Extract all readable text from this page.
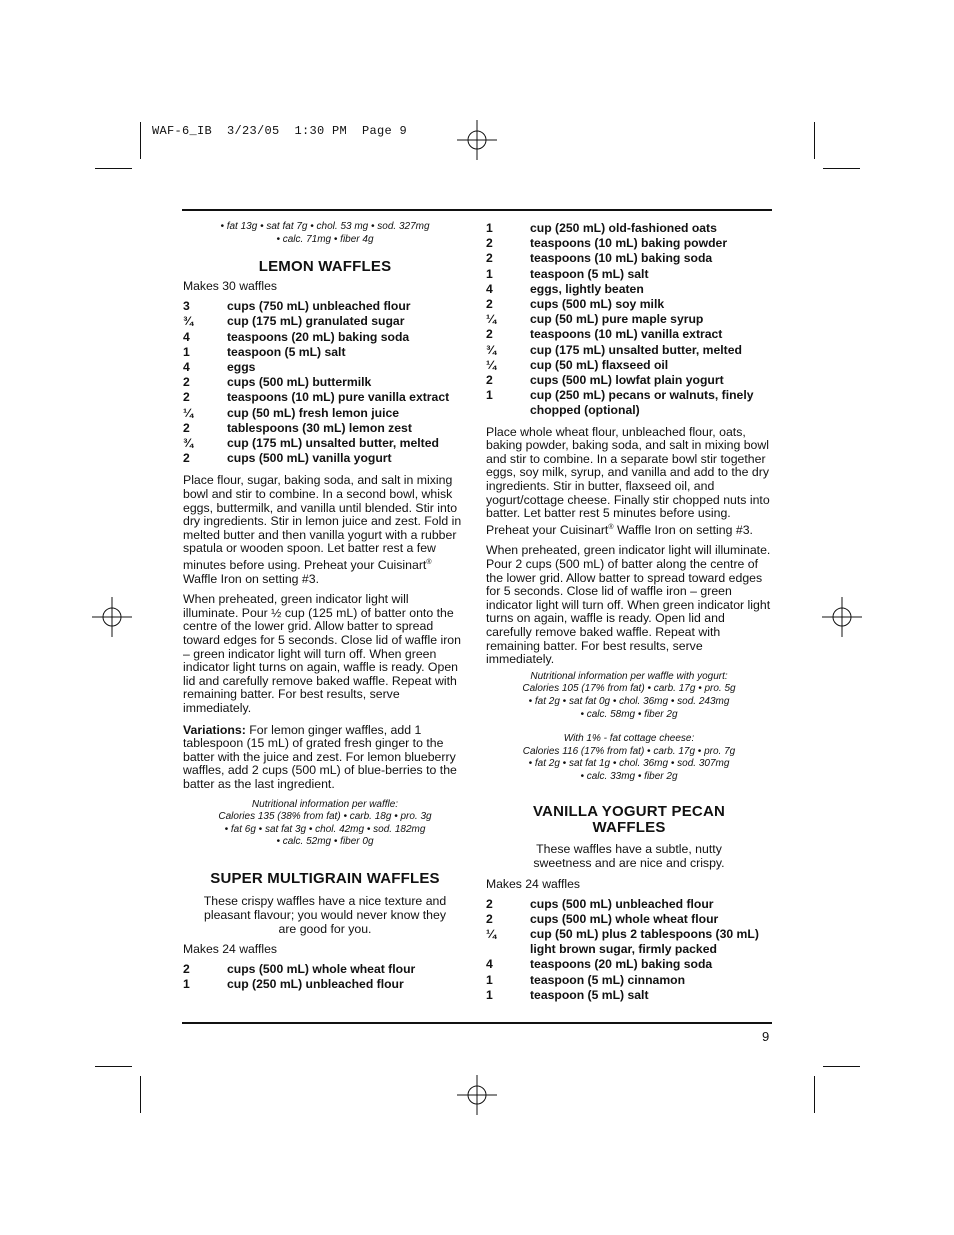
WAF-6_IB  3/23/05  1:30 PM  Page 9
• fat 13g • sat fat 7g • chol. 53 mg • sod. 327mg
• calc. 71mg • fiber 4g
LEMON WAFFLES

Makes 30 waffles

3	cups (750 mL) unbleached flour
¾	cup (175 mL) granulated sugar
4	teaspoons (20 mL) baking soda
1	teaspoon (5 mL) salt
4	eggs
2	cups (500 mL) buttermilk
2	teaspoons (10 mL) pure vanilla extract
¼	cup (50 mL) fresh lemon juice
2	tablespoons (30 mL) lemon zest
¾	cup (175 mL) unsalted butter, melted
2	cups (500 mL) vanilla yogurt

Place flour, sugar, baking soda, and salt in mixing bowl and stir to combine. In a second bowl, whisk eggs, buttermilk, and vanilla until blended. Stir into dry ingredients. Stir in lemon juice and zest. Fold in melted butter and then vanilla yogurt with a rubber spatula or wooden spoon. Let batter rest a few minutes before using. Preheat your Cuisinart® Waffle Iron on setting #3.

When preheated, green indicator light will illuminate. Pour ½ cup (125 mL) of batter onto the centre of the lower grid. Allow batter to spread toward edges for 5 seconds. Close lid of waffle iron – green indicator light will turn off. When green indicator light turns on again, waffle is ready. Open lid and carefully remove baked waffle. Repeat with remaining batter. For best results, serve immediately.

Variations: For lemon ginger waffles, add 1 tablespoon (15 mL) of grated fresh ginger to the batter with the juice and zest. For lemon blueberry waffles, add 2 cups (500 mL) of blue-berries to the batter as the last ingredient.

Nutritional information per waffle:
Calories 135 (38% from fat) • carb. 18g • pro. 3g
• fat 6g • sat fat 3g • chol. 42mg • sod. 182mg
• calc. 52mg • fiber 0g
SUPER MULTIGRAIN WAFFLES

These crispy waffles have a nice texture and pleasant flavour; you would never know they are good for you.

Makes 24 waffles

2	cups (500 mL) whole wheat flour
1	cup (250 mL) unbleached flour
1	cup (250 mL) old-fashioned oats
2	teaspoons (10 mL) baking powder
2	teaspoons (10 mL) baking soda
1	teaspoon (5 mL) salt
4	eggs, lightly beaten
2	cups (500 mL) soy milk
¼	cup (50 mL) pure maple syrup
2	teaspoons (10 mL) vanilla extract
¾	cup (175 mL) unsalted butter, melted
¼	cup (50 mL) flaxseed oil
2	cups (500 mL) lowfat plain yogurt
1	cup (250 mL) pecans or walnuts, finely chopped (optional)

Place whole wheat flour, unbleached flour, oats, baking powder, baking soda, and salt in mixing bowl and stir to combine. In a separate bowl stir together eggs, soy milk, syrup, and vanilla and add to the dry ingredients. Stir in butter, flaxseed oil, and yogurt/cottage cheese. Finally stir chopped nuts into batter. Let batter rest 5 minutes before using. Preheat your Cuisinart® Waffle Iron on setting #3.

When preheated, green indicator light will illuminate. Pour 2 cups (500 mL) of batter along the centre of the lower grid. Allow batter to spread toward edges for 5 seconds. Close lid of waffle iron – green indicator light will turn off. When green indicator light turns on again, waffle is ready. Open lid and carefully remove baked waffle. Repeat with remaining batter. For best results, serve immediately.

Nutritional information per waffle with yogurt:
Calories 105 (17% from fat) • carb. 17g • pro. 5g
• fat 2g • sat fat 0g • chol. 36mg • sod. 243mg
• calc. 58mg • fiber 2g
With 1% - fat cottage cheese:
Calories 116 (17% from fat) • carb. 17g • pro. 7g
• fat 2g • sat fat 1g • chol. 36mg • sod. 307mg
• calc. 33mg • fiber 2g
VANILLA YOGURT PECAN
WAFFLES

These waffles have a subtle, nutty sweetness and are nice and crispy.

Makes 24 waffles

2	cups (500 mL) unbleached flour
2	cups (500 mL) whole wheat flour
¼	cup (50 mL) plus 2 tablespoons (30 mL) light brown sugar, firmly packed
4	teaspoons (20 mL) baking soda
1	teaspoon (5 mL) cinnamon
1	teaspoon (5 mL) salt
9
